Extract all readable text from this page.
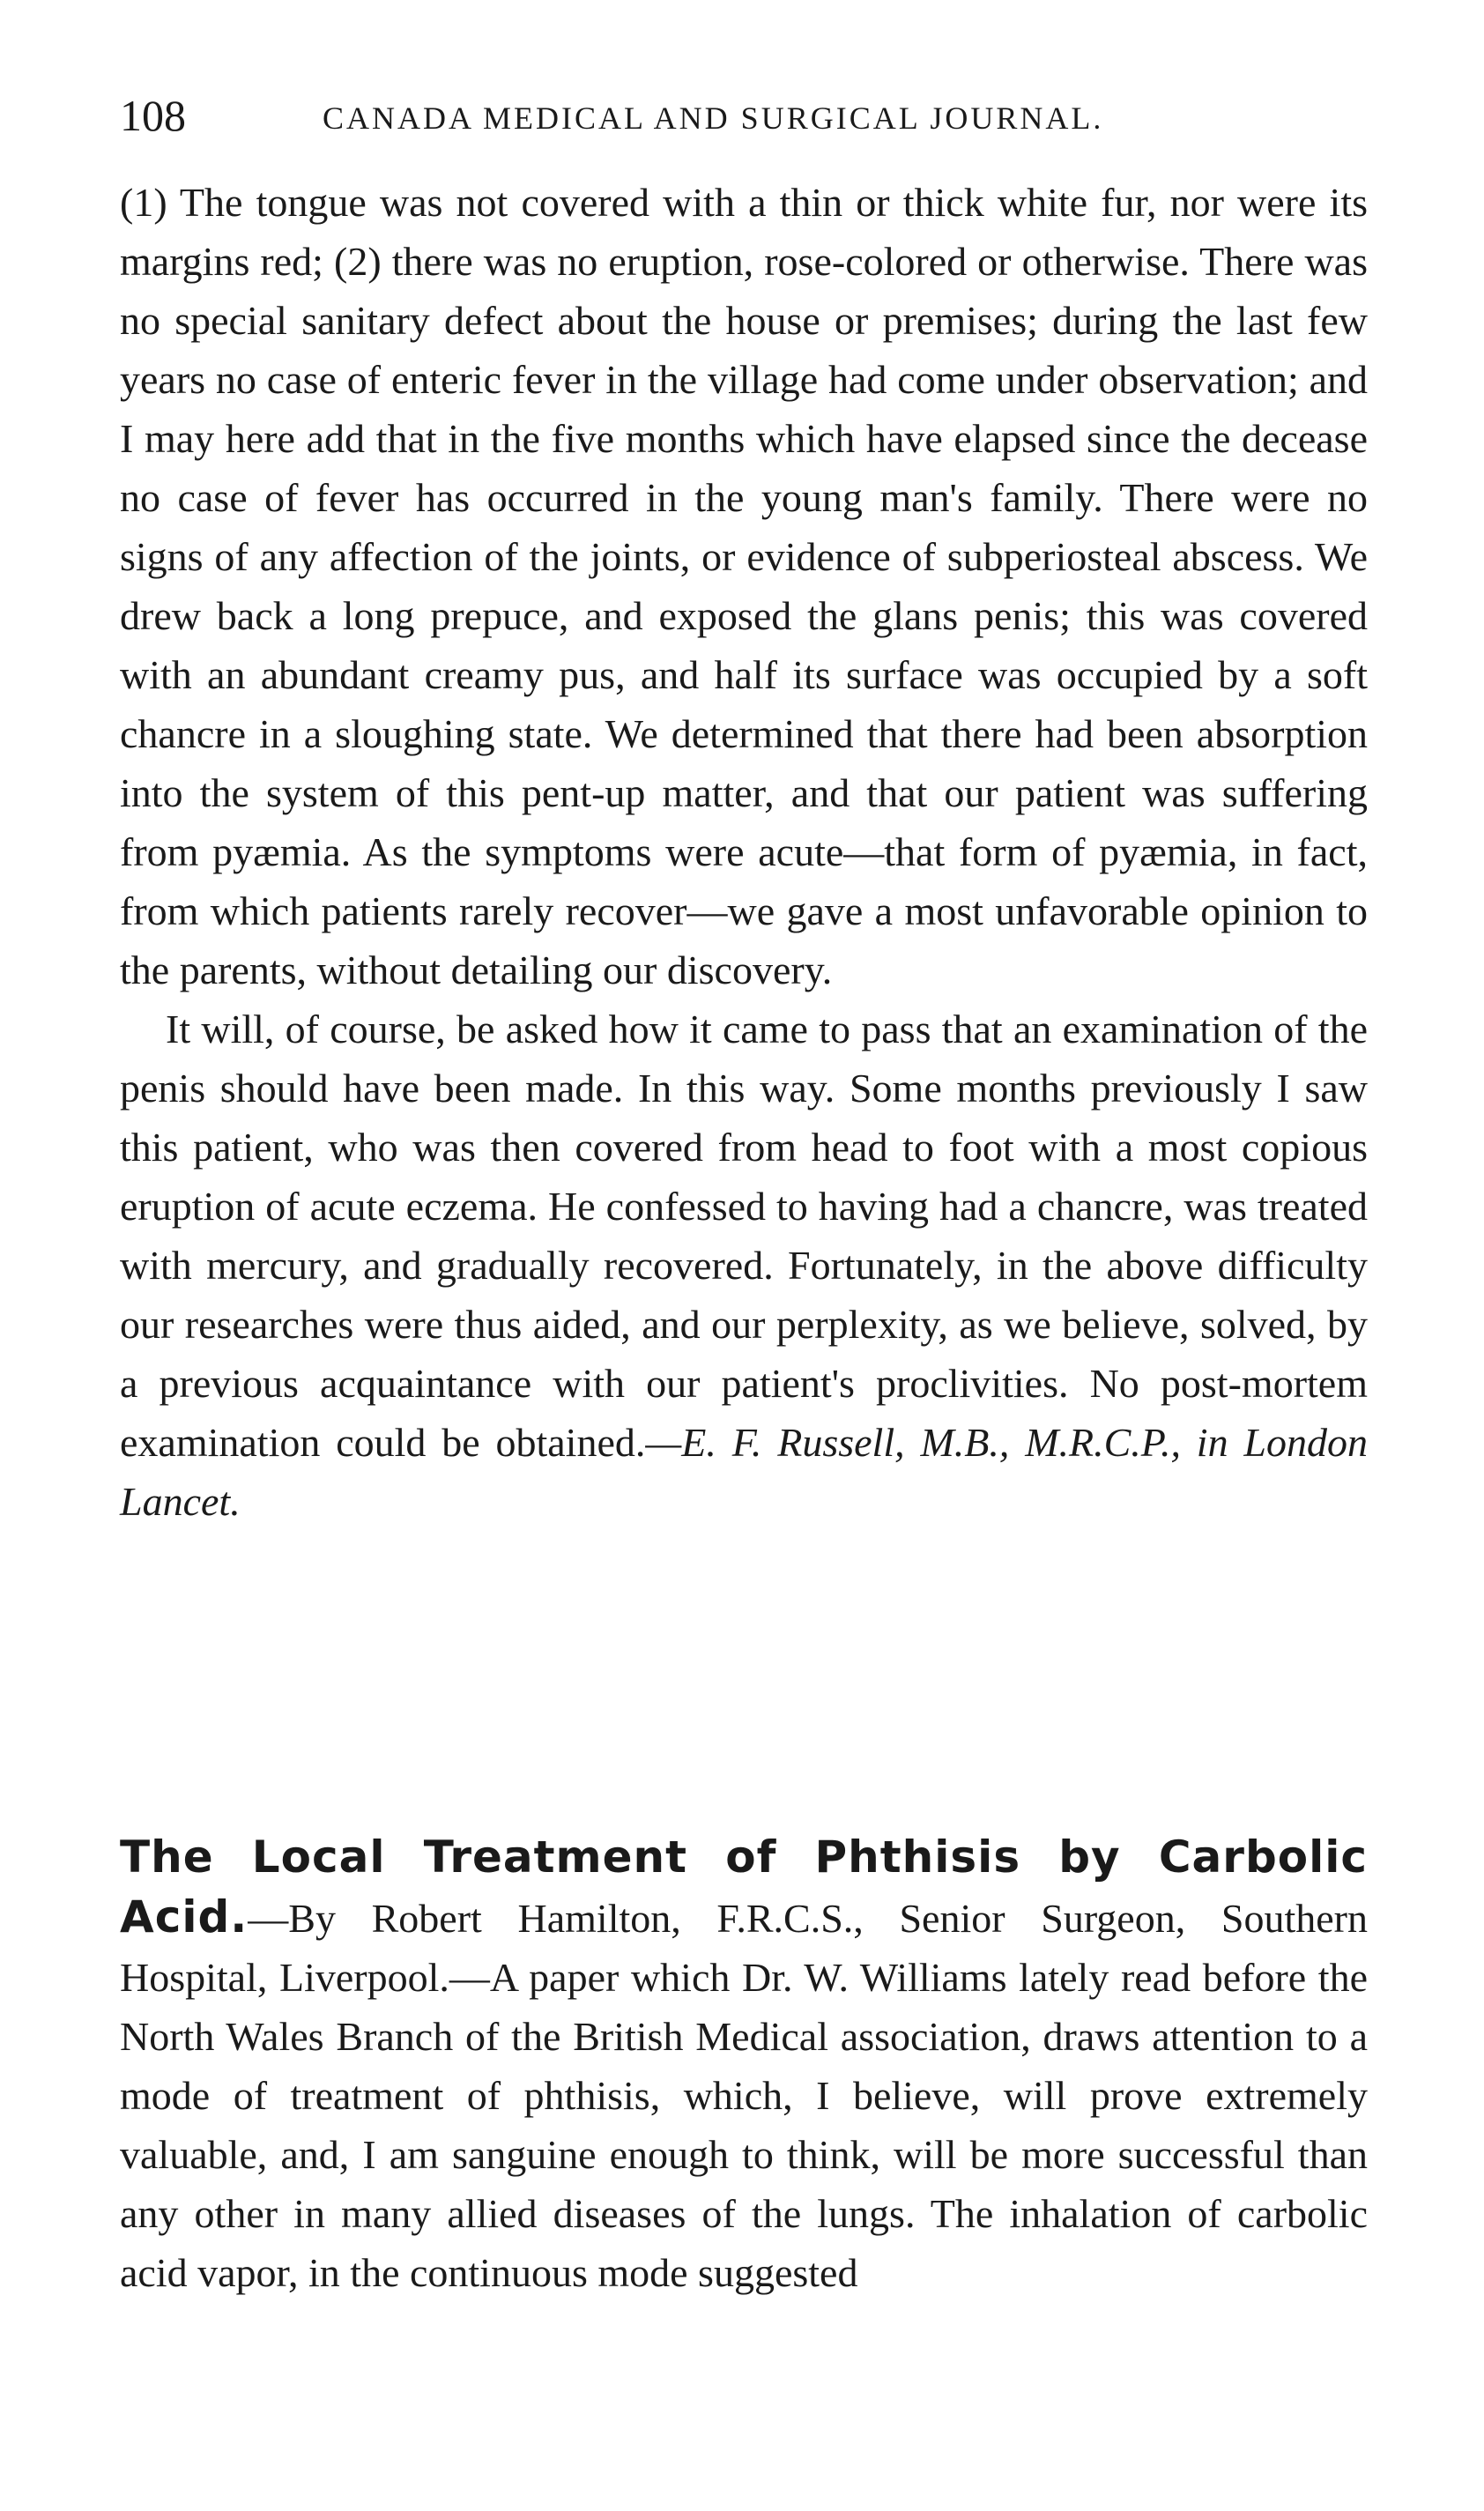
108	CANADA MEDICAL AND SURGICAL JOURNAL.

(1) The tongue was not covered with a thin or thick white fur, nor were its margins red; (2) there was no eruption, rose-colored or otherwise. There was no special sanitary defect about the house or premises; during the last few years no case of enteric fever in the village had come under observation; and I may here add that in the five months which have elapsed since the decease no case of fever has occurred in the young man's family. There were no signs of any affection of the joints, or evidence of subperiosteal abscess. We drew back a long prepuce, and exposed the glans penis; this was covered with an abundant creamy pus, and half its surface was occupied by a soft chancre in a sloughing state. We determined that there had been absorption into the system of this pent-up matter, and that our patient was suffering from pyæmia. As the symptoms were acute—that form of pyæmia, in fact, from which patients rarely recover—we gave a most unfavorable opinion to the parents, without detailing our discovery.

It will, of course, be asked how it came to pass that an examination of the penis should have been made. In this way. Some months previously I saw this patient, who was then covered from head to foot with a most copious eruption of acute eczema. He confessed to having had a chancre, was treated with mercury, and gradually recovered. Fortunately, in the above difficulty our researches were thus aided, and our perplexity, as we believe, solved, by a previous acquaintance with our patient's proclivities. No post-mortem examination could be obtained.—E. F. Russell, M.B., M.R.C.P., in London Lancet.

The Local Treatment of Phthisis by Carbolic Acid.—By Robert Hamilton, F.R.C.S., Senior Surgeon, Southern Hospital, Liverpool.—A paper which Dr. W. Williams lately read before the North Wales Branch of the British Medical association, draws attention to a mode of treatment of phthisis, which, I believe, will prove extremely valuable, and, I am sanguine enough to think, will be more successful than any other in many allied diseases of the lungs. The inhalation of carbolic acid vapor, in the continuous mode suggested
